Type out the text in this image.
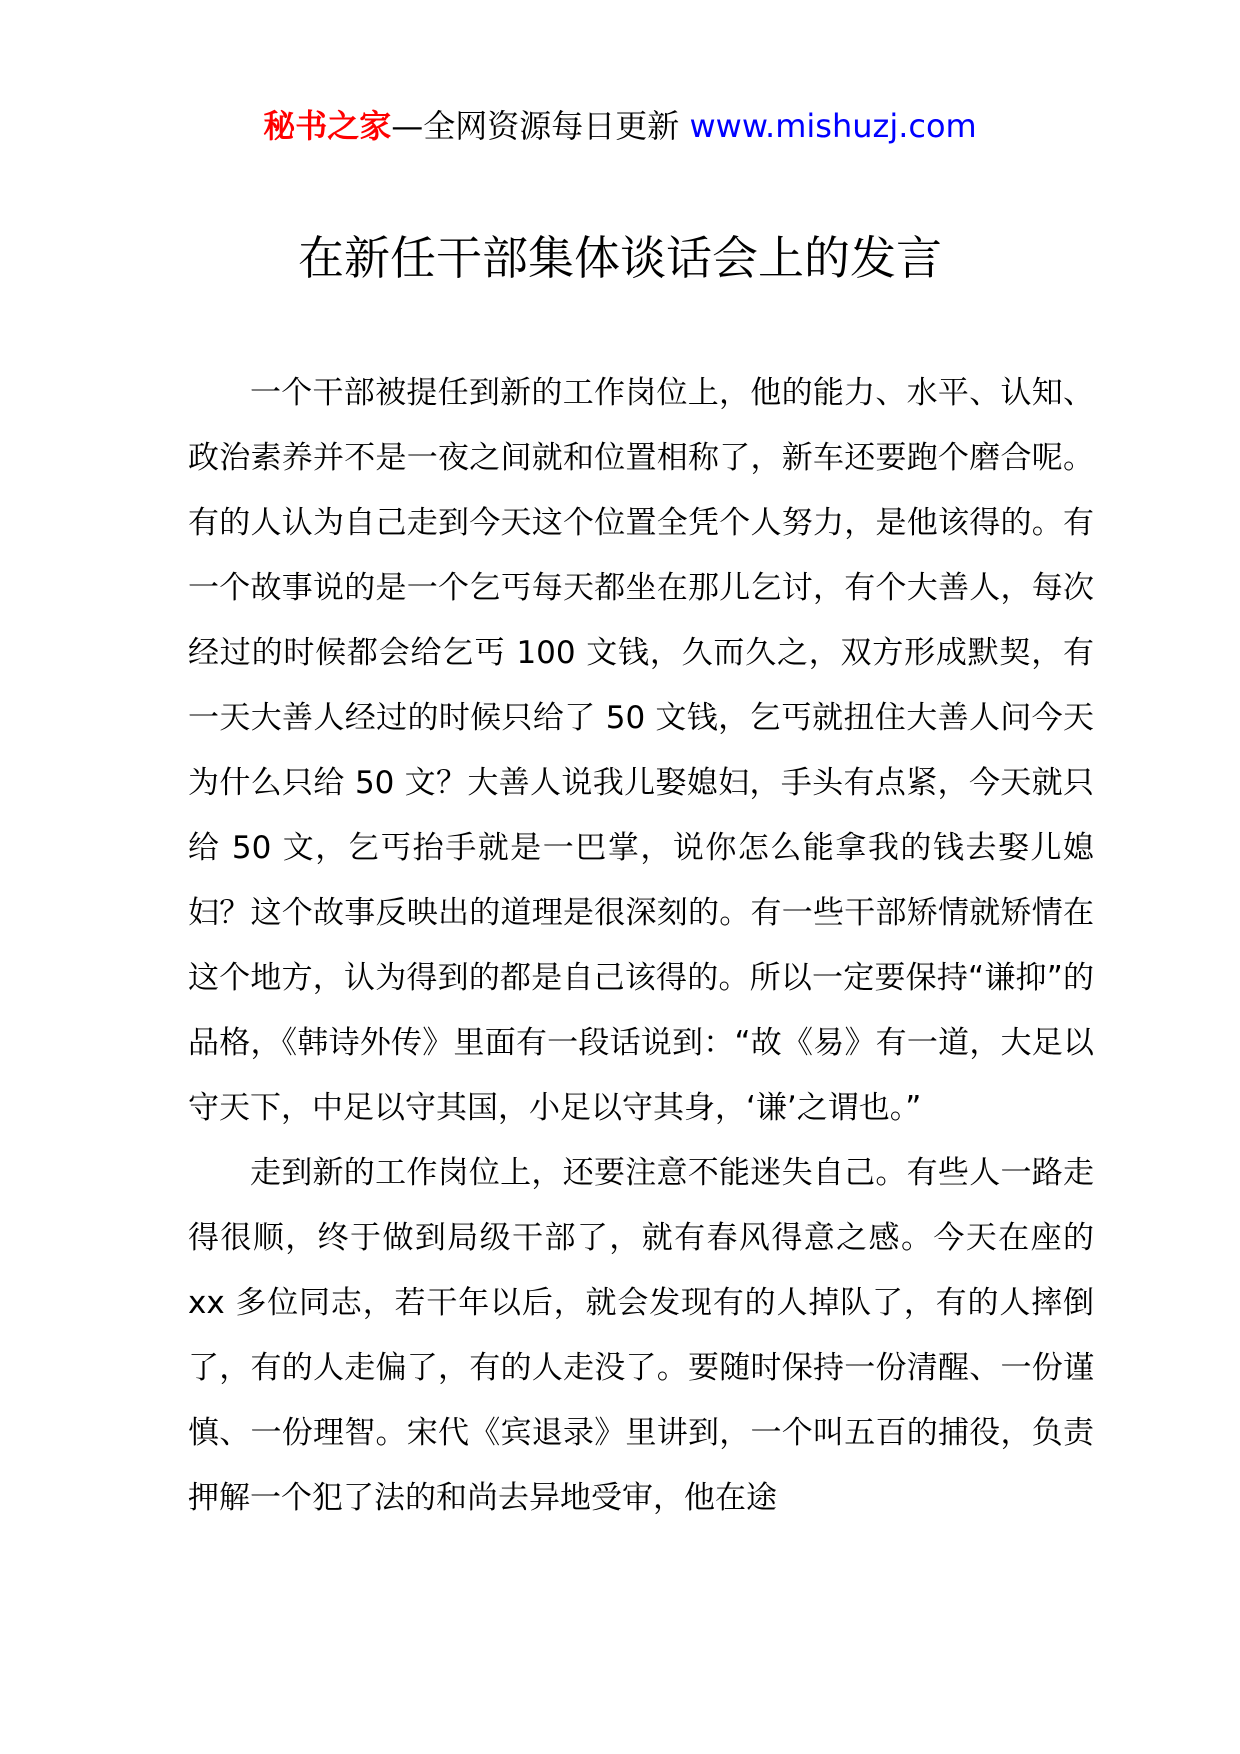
秘书之家—全网资源每日更新 www.mishuzj.com
在新任干部集体谈话会上的发言

一个干部被提任到新的工作岗位上，他的能力、水平、认知、政治素养并不是一夜之间就和位置相称了，新车还要跑个磨合呢。有的人认为自己走到今天这个位置全凭个人努力，是他该得的。有一个故事说的是一个乞丐每天都坐在那儿乞讨，有个大善人，每次经过的时候都会给乞丐 100 文钱，久而久之，双方形成默契，有一天大善人经过的时候只给了 50 文钱，乞丐就扭住大善人问今天为什么只给 50 文？大善人说我儿娶媳妇，手头有点紧，今天就只给 50 文，乞丐抬手就是一巴掌，说你怎么能拿我的钱去娶儿媳妇？这个故事反映出的道理是很深刻的。有一些干部矫情就矫情在这个地方，认为得到的都是自己该得的。所以一定要保持“谦抑”的品格，《韩诗外传》里面有一段话说到：“故《易》有一道，大足以守天下，中足以守其国，小足以守其身，‘谦’之谓也。”

走到新的工作岗位上，还要注意不能迷失自己。有些人一路走得很顺，终于做到局级干部了，就有春风得意之感。今天在座的 xx 多位同志，若干年以后，就会发现有的人掉队了，有的人摔倒了，有的人走偏了，有的人走没了。要随时保持一份清醒、一份谨慎、一份理智。宋代《宾退录》里讲到，一个叫五百的捕役，负责押解一个犯了法的和尚去异地受审，他在途
